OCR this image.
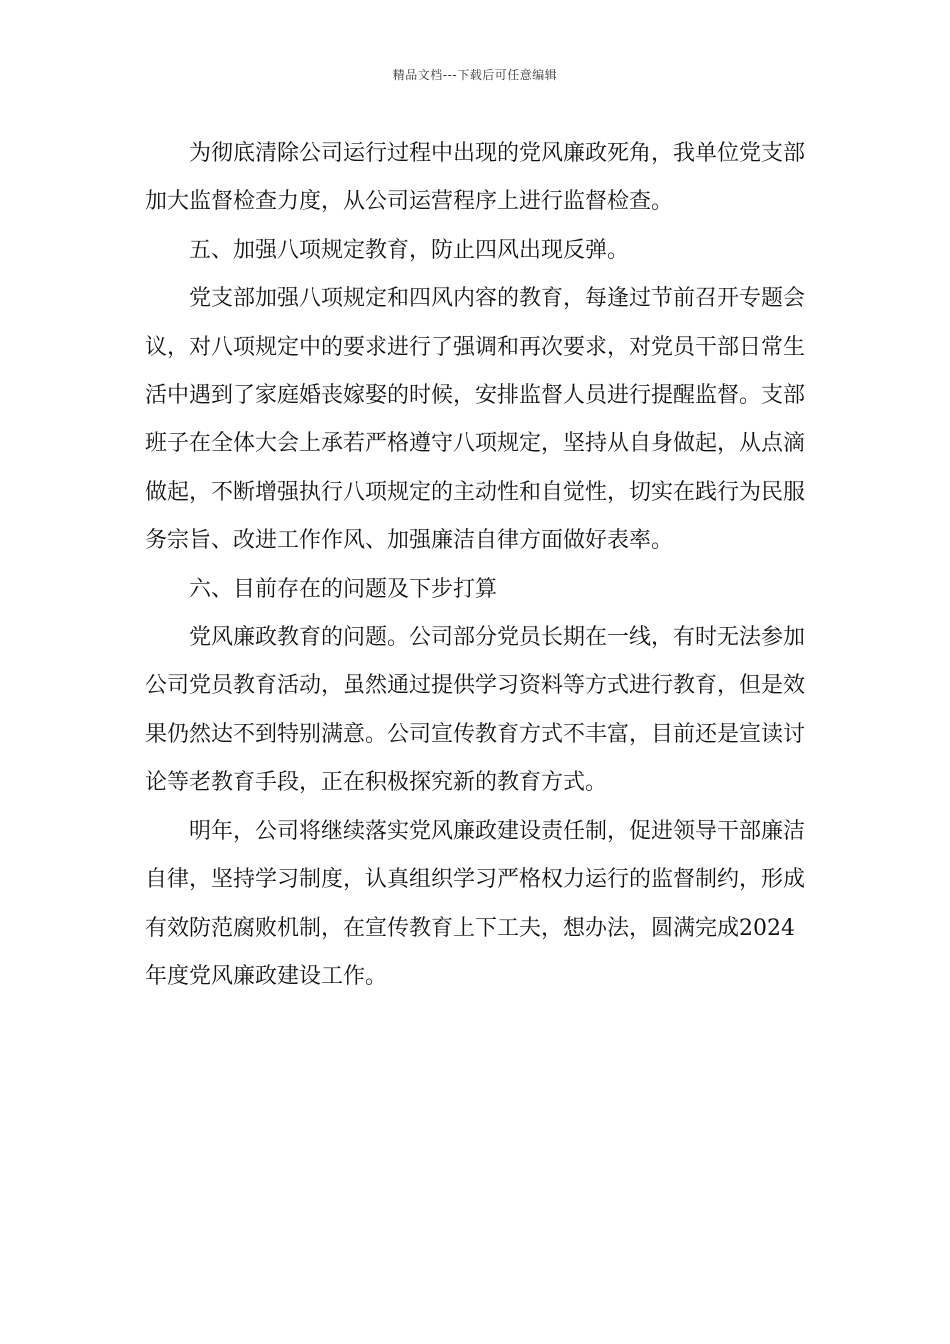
精品文档---下载后可任意编辑

为彻底清除公司运行过程中出现的党风廉政死角，我单位党支部加大监督检查力度，从公司运营程序上进行监督检查。

五、加强八项规定教育，防止四风出现反弹。

党支部加强八项规定和四风内容的教育，每逢过节前召开专题会议，对八项规定中的要求进行了强调和再次要求，对党员干部日常生活中遇到了家庭婚丧嫁娶的时候，安排监督人员进行提醒监督。支部班子在全体大会上承若严格遵守八项规定，坚持从自身做起，从点滴做起，不断增强执行八项规定的主动性和自觉性，切实在践行为民服务宗旨、改进工作作风、加强廉洁自律方面做好表率。

六、目前存在的问题及下步打算

党风廉政教育的问题。公司部分党员长期在一线，有时无法参加公司党员教育活动，虽然通过提供学习资料等方式进行教育，但是效果仍然达不到特别满意。公司宣传教育方式不丰富，目前还是宣读讨论等老教育手段，正在积极探究新的教育方式。

明年，公司将继续落实党风廉政建设责任制，促进领导干部廉洁自律，坚持学习制度，认真组织学习严格权力运行的监督制约，形成有效防范腐败机制，在宣传教育上下工夫，想办法，圆满完成2024年度党风廉政建设工作。
